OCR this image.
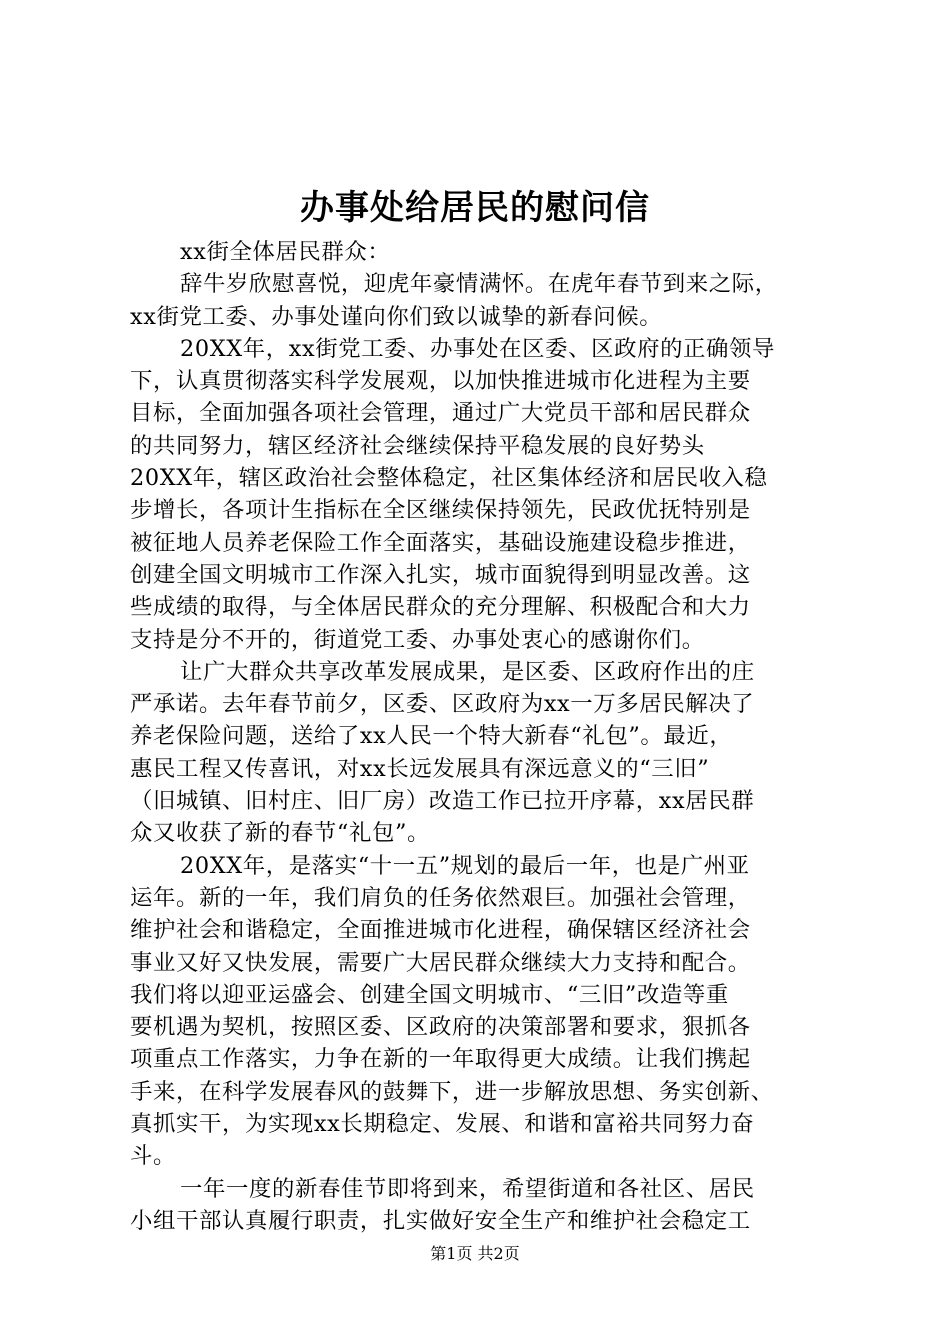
办事处给居民的慰问信
xx街全体居民群众：
辞牛岁欣慰喜悦，迎虎年豪情满怀。在虎年春节到来之际，
xx街党工委、办事处谨向你们致以诚挚的新春问候。
20XX年，xx街党工委、办事处在区委、区政府的正确领导
下，认真贯彻落实科学发展观，以加快推进城市化进程为主要
目标，全面加强各项社会管理，通过广大党员干部和居民群众
的共同努力，辖区经济社会继续保持平稳发展的良好势头
20XX年，辖区政治社会整体稳定，社区集体经济和居民收入稳
步增长，各项计生指标在全区继续保持领先，民政优抚特别是
被征地人员养老保险工作全面落实，基础设施建设稳步推进，
创建全国文明城市工作深入扎实，城市面貌得到明显改善。这
些成绩的取得，与全体居民群众的充分理解、积极配合和大力
支持是分不开的，街道党工委、办事处衷心的感谢你们。
让广大群众共享改革发展成果，是区委、区政府作出的庄
严承诺。去年春节前夕，区委、区政府为xx一万多居民解决了
养老保险问题，送给了xx人民一个特大新春“礼包”。最近，
惠民工程又传喜讯，对xx长远发展具有深远意义的“三旧”
（旧城镇、旧村庄、旧厂房）改造工作已拉开序幕，xx居民群
众又收获了新的春节“礼包”。
20XX年，是落实“十一五”规划的最后一年，也是广州亚
运年。新的一年，我们肩负的任务依然艰巨。加强社会管理，
维护社会和谐稳定，全面推进城市化进程，确保辖区经济社会
事业又好又快发展，需要广大居民群众继续大力支持和配合。
我们将以迎亚运盛会、创建全国文明城市、“三旧”改造等重
要机遇为契机，按照区委、区政府的决策部署和要求，狠抓各
项重点工作落实，力争在新的一年取得更大成绩。让我们携起
手来，在科学发展春风的鼓舞下，进一步解放思想、务实创新、
真抓实干，为实现xx长期稳定、发展、和谐和富裕共同努力奋
斗。
一年一度的新春佳节即将到来，希望街道和各社区、居民
小组干部认真履行职责，扎实做好安全生产和维护社会稳定工
第1页 共2页
